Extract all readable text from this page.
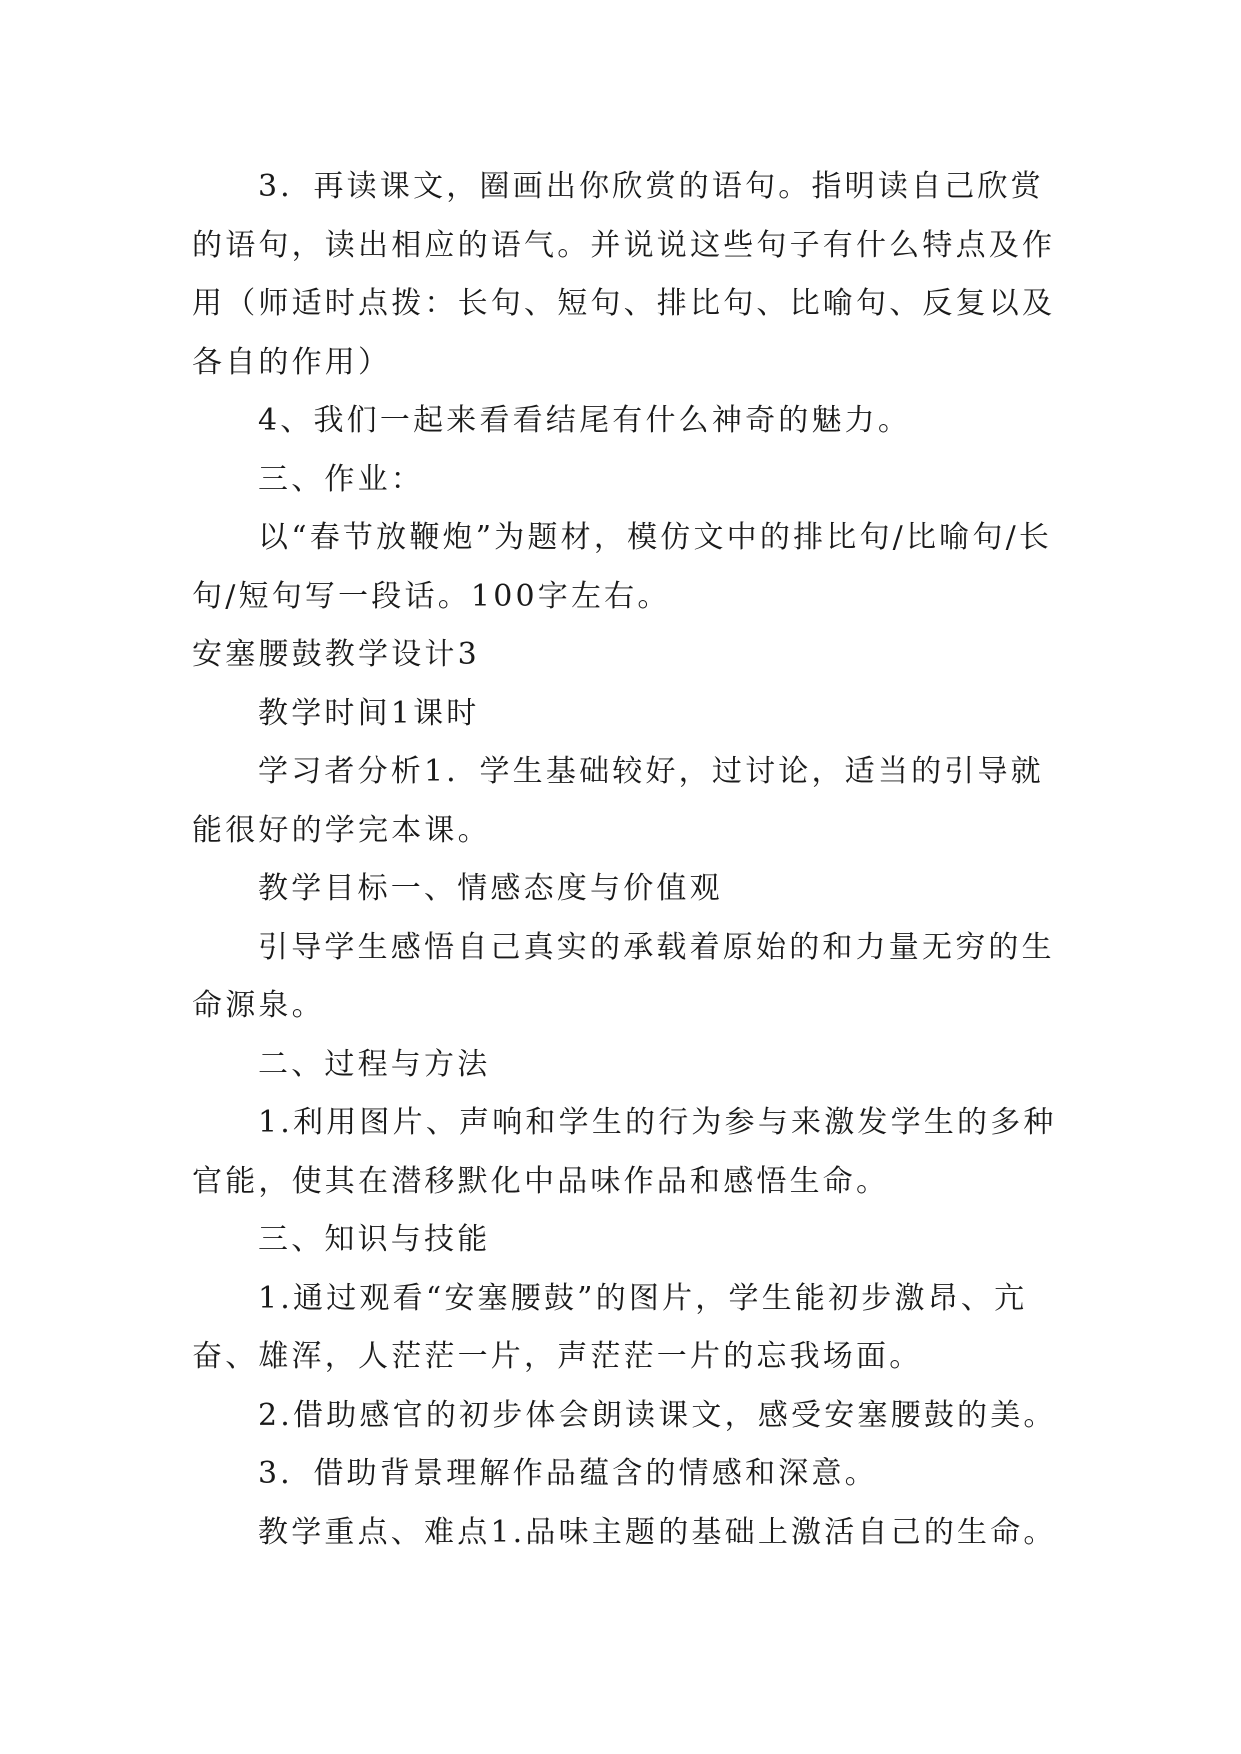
3．再读课文，圈画出你欣赏的语句。指明读自己欣赏的语句，读出相应的语气。并说说这些句子有什么特点及作用（师适时点拨：长句、短句、排比句、比喻句、反复以及各自的作用）

4、我们一起来看看结尾有什么神奇的魅力。

三、作业：

以“春节放鞭炮”为题材，模仿文中的排比句/比喻句/长句/短句写一段话。100字左右。

安塞腰鼓教学设计3

教学时间1课时

学习者分析1．学生基础较好，过讨论，适当的引导就能很好的学完本课。

教学目标一、情感态度与价值观

引导学生感悟自己真实的承载着原始的和力量无穷的生命源泉。

二、过程与方法

1.利用图片、声响和学生的行为参与来激发学生的多种官能，使其在潜移默化中品味作品和感悟生命。

三、知识与技能

1.通过观看“安塞腰鼓”的图片，学生能初步激昂、亢奋、雄浑，人茫茫一片，声茫茫一片的忘我场面。

2.借助感官的初步体会朗读课文，感受安塞腰鼓的美。

3．借助背景理解作品蕴含的情感和深意。

教学重点、难点1.品味主题的基础上激活自己的生命。
